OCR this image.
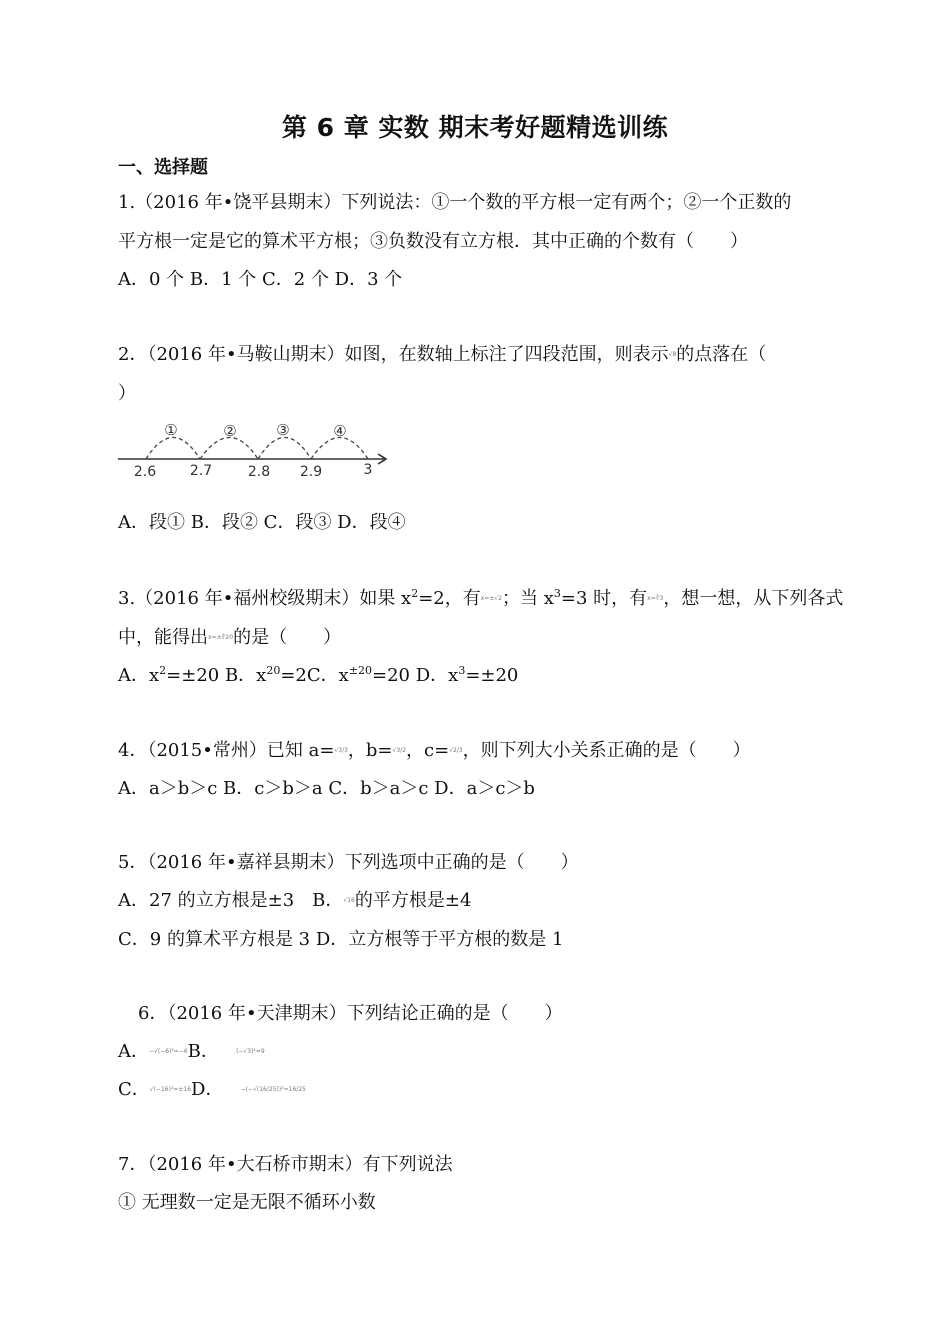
第 6 章 实数 期末考好题精选训练
一、选择题
1.（2016 年•饶平县期末）下列说法：①一个数的平方根一定有两个；②一个正数的
平方根一定是它的算术平方根；③负数没有立方根．其中正确的个数有（　　）
A．0 个 B．1 个 C．2 个 D．3 个
2．（2016 年•马鞍山期末）如图，在数轴上标注了四段范围，则表示√8的点落在（
）
①	②	③	④
2.6 2.7	2.8 2.9	3
A．段① B．段② C．段③ D．段④
3.（2016 年•福州校级期末）如果 $x^2=2$，有x=±√2；当 $x^3=3$ 时，有x=∛3，想一想，从下列各式
中，能得出x=±∜20的是（　　）
A．$x^2=\pm 20$ B．$x^{20}=2C$．$x^{\pm 20}=20$ D．$x^3=\pm 20$
4．（2015•常州）已知 a=√3/3，b=√3/2，c=√2/3，则下列大小关系正确的是（　　）
A．a＞b＞c B．c＞b＞a C．b＞a＞c D．a＞c＞b
5．（2016 年•嘉祥县期末）下列选项中正确的是（　　）
A．27 的立方根是±3　B．√16的平方根是±4
C．9 的算术平方根是 3 D．立方根等于平方根的数是 1
6．（2016 年•天津期末）下列结论正确的是（　　）
A．−√(−6)²=−6B．	(−√3)²=9
C．√(−16)²=±16D．	−(−√(16/25))²=16/25
7．（2016 年•大石桥市期末）有下列说法
① 无理数一定是无限不循环小数
